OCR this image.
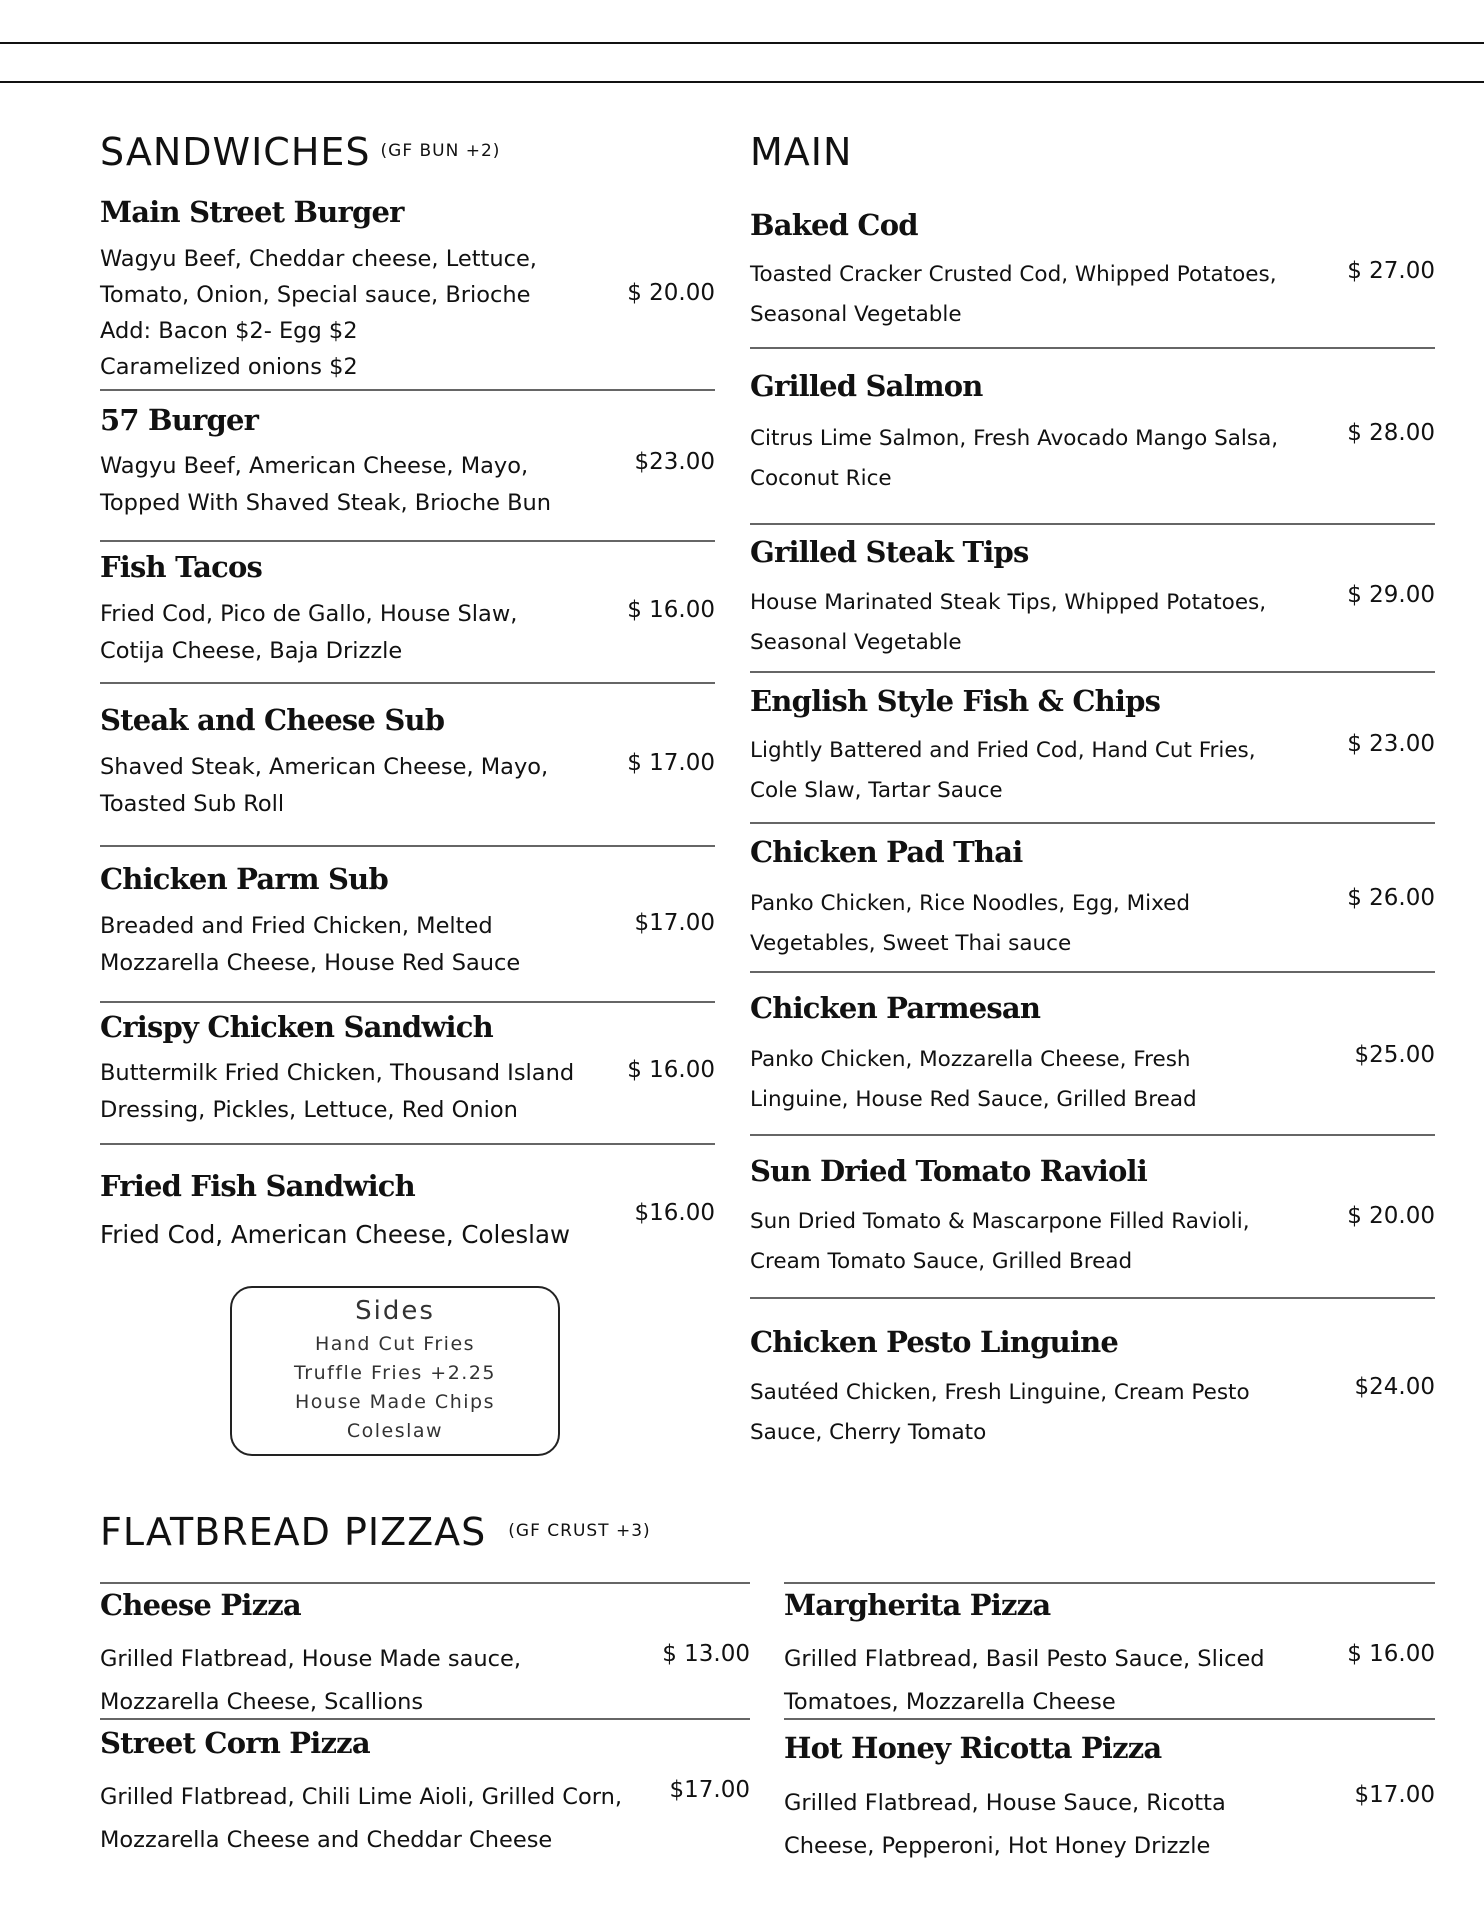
SANDWICHES (GF BUN +2)
Main Street Burger
Wagyu Beef, Cheddar cheese, Lettuce,
Tomato, Onion, Special sauce, Brioche
Add: Bacon $2- Egg $2
Caramelized onions $2
$ 20.00
57 Burger
Wagyu Beef, American Cheese, Mayo,
Topped With Shaved Steak, Brioche Bun
$23.00
Fish Tacos
Fried Cod, Pico de Gallo, House Slaw,
Cotija Cheese, Baja Drizzle
$ 16.00
Steak and Cheese Sub
Shaved Steak, American Cheese, Mayo,
Toasted Sub Roll
$ 17.00
Chicken Parm Sub
Breaded and Fried Chicken, Melted
Mozzarella Cheese, House Red Sauce
$17.00
Crispy Chicken Sandwich
Buttermilk Fried Chicken, Thousand Island
Dressing, Pickles, Lettuce, Red Onion
$ 16.00
Fried Fish Sandwich
Fried Cod, American Cheese, Coleslaw
$16.00
Sides
Hand Cut Fries
Truffle Fries +2.25
House Made Chips
Coleslaw
MAIN
Baked Cod
Toasted Cracker Crusted Cod, Whipped Potatoes,
Seasonal Vegetable
$ 27.00
Grilled Salmon
Citrus Lime Salmon, Fresh Avocado Mango Salsa,
Coconut Rice
$ 28.00
Grilled Steak Tips
House Marinated Steak Tips, Whipped Potatoes,
Seasonal Vegetable
$ 29.00
English Style Fish & Chips
Lightly Battered and Fried Cod, Hand Cut Fries,
Cole Slaw, Tartar Sauce
$ 23.00
Chicken Pad Thai
Panko Chicken, Rice Noodles, Egg, Mixed
Vegetables, Sweet Thai sauce
$ 26.00
Chicken Parmesan
Panko Chicken, Mozzarella Cheese, Fresh
Linguine, House Red Sauce, Grilled Bread
$25.00
Sun Dried Tomato Ravioli
Sun Dried Tomato & Mascarpone Filled Ravioli,
Cream Tomato Sauce, Grilled Bread
$ 20.00
Chicken Pesto Linguine
Sautéed Chicken, Fresh Linguine, Cream Pesto
Sauce, Cherry Tomato
$24.00
FLATBREAD PIZZAS (GF CRUST +3)
Cheese Pizza
Grilled Flatbread, House Made sauce,
Mozzarella Cheese, Scallions
$ 13.00
Street Corn Pizza
Grilled Flatbread, Chili Lime Aioli, Grilled Corn,
Mozzarella Cheese and Cheddar Cheese
$17.00
Margherita Pizza
Grilled Flatbread, Basil Pesto Sauce, Sliced
Tomatoes, Mozzarella Cheese
$ 16.00
Hot Honey Ricotta Pizza
Grilled Flatbread, House Sauce, Ricotta
Cheese, Pepperoni, Hot Honey Drizzle
$17.00
